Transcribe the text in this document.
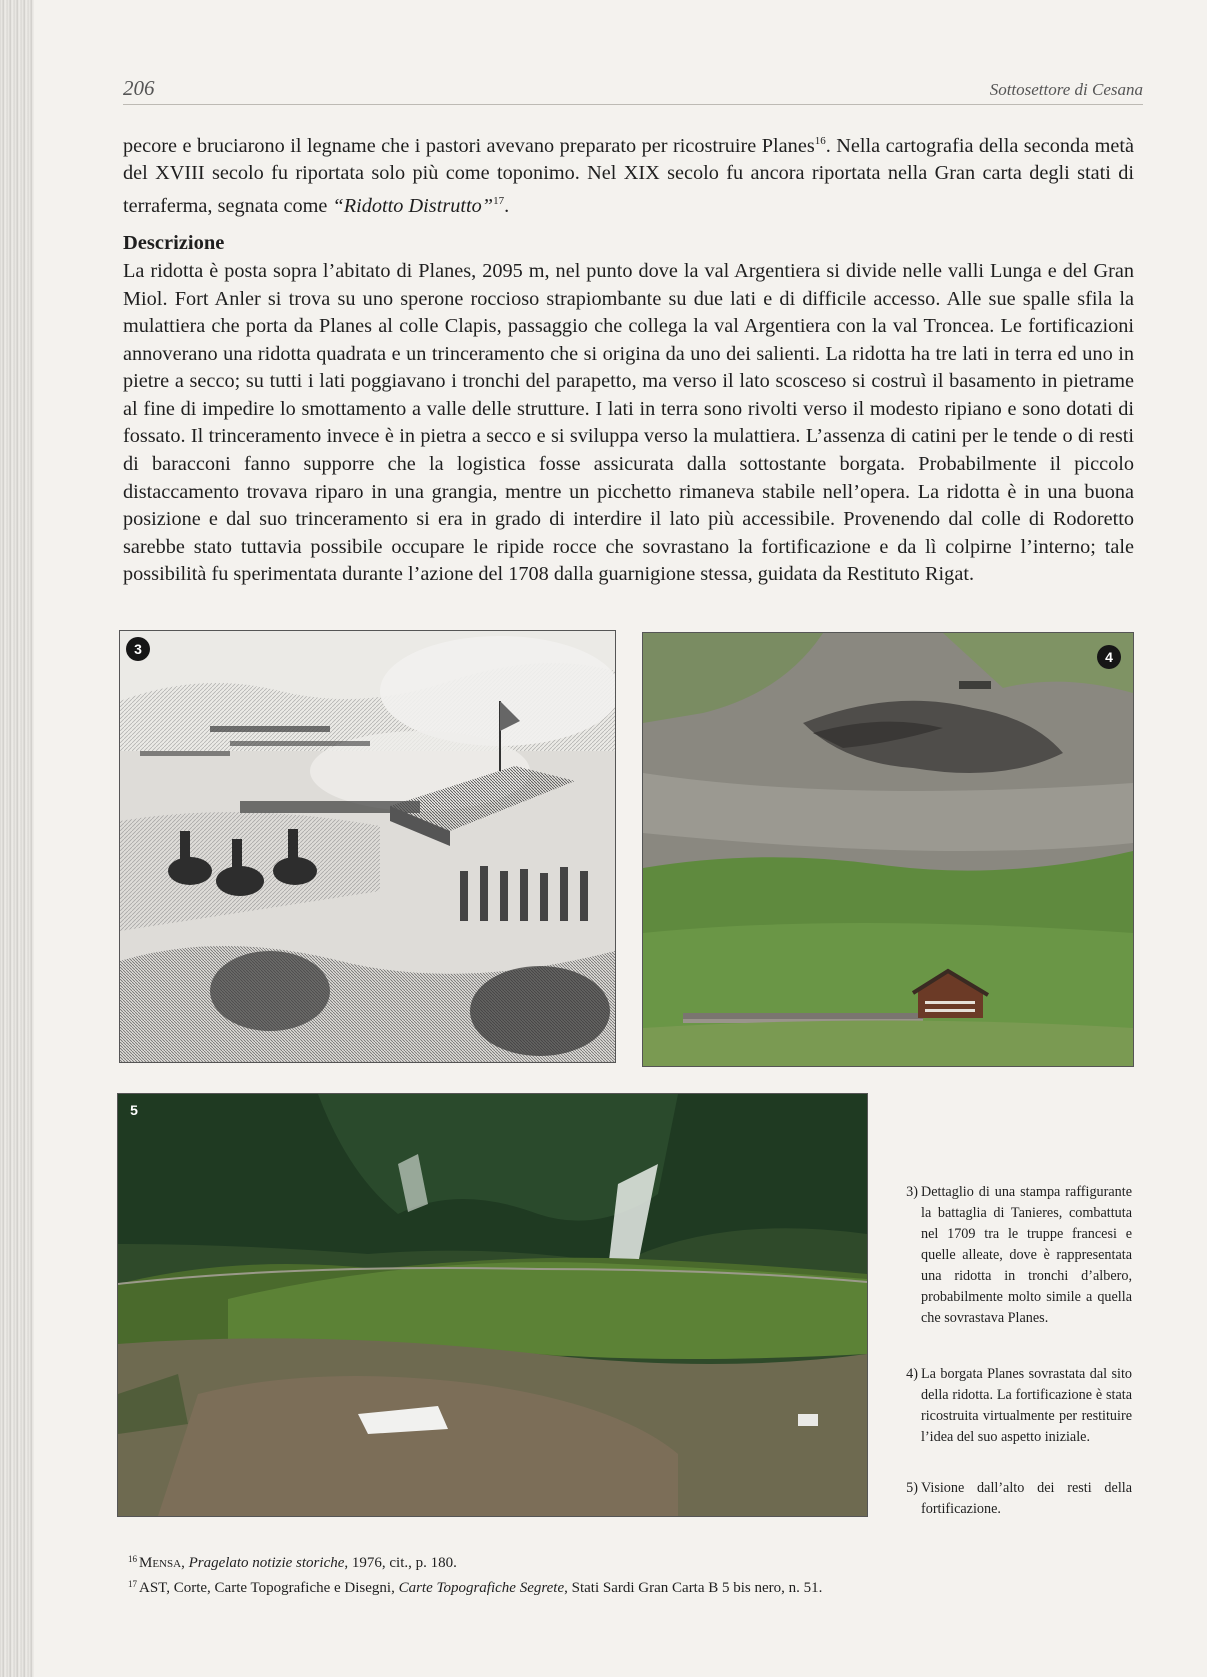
206	Sottosettore di Cesana

pecore e bruciarono il legname che i pastori avevano preparato per ricostruire Planes$^{16}$. Nella cartografia della seconda metà del XVIII secolo fu riportata solo più come toponimo. Nel XIX secolo fu ancora riportata nella Gran carta degli stati di terraferma, segnata come “Ridotto Distrutto”$^{17}$.

Descrizione

La ridotta è posta sopra l’abitato di Planes, 2095 m, nel punto dove la val Argentiera si divide nelle valli Lunga e del Gran Miol. Fort Anler si trova su uno sperone roccioso strapiombante su due lati e di difficile accesso. Alle sue spalle sfila la mulattiera che porta da Planes al colle Clapis, passaggio che collega la val Argentiera con la val Troncea. Le fortificazioni annoverano una ridotta quadrata e un trinceramento che si origina da uno dei salienti. La ridotta ha tre lati in terra ed uno in pietre a secco; su tutti i lati poggiavano i tronchi del parapetto, ma verso il lato scosceso si costruì il basamento in pietrame al fine di impedire lo smottamento a valle delle strutture. I lati in terra sono rivolti verso il modesto ripiano e sono dotati di fossato. Il trinceramento invece è in pietra a secco e si sviluppa verso la mulattiera. L’assenza di catini per le tende o di resti di baracconi fanno supporre che la logistica fosse assicurata dalla sottostante borgata. Probabilmente il piccolo distaccamento trovava riparo in una grangia, mentre un picchetto rimaneva stabile nell’opera. La ridotta è in una buona posizione e dal suo trinceramento si era in grado di interdire il lato più accessibile. Provenendo dal colle di Rodoretto sarebbe stato tuttavia possibile occupare le ripide rocce che sovrastano la fortificazione e da lì colpirne l’interno; tale possibilità fu sperimentata durante l’azione del 1708 dalla guarnigione stessa, guidata da Restituto Rigat.

3	4
5
3) Dettaglio di una stampa raffigurante la battaglia di Tanieres, combattuta nel 1709 tra le truppe francesi e quelle alleate, dove è rappresentata una ridotta in tronchi d’albero, probabilmente molto simile a quella che sovrastava Planes.
4) La borgata Planes sovrastata dal sito della ridotta. La fortificazione è stata ricostruita virtualmente per restituire l’idea del suo aspetto iniziale.
5) Visione dall’alto dei resti della fortificazione.
$^{16}$ Mensa, Pragelato notizie storiche, 1976, cit., p. 180.
$^{17}$ AST, Corte, Carte Topografiche e Disegni, Carte Topografiche Segrete, Stati Sardi Gran Carta B 5 bis nero, n. 51.
